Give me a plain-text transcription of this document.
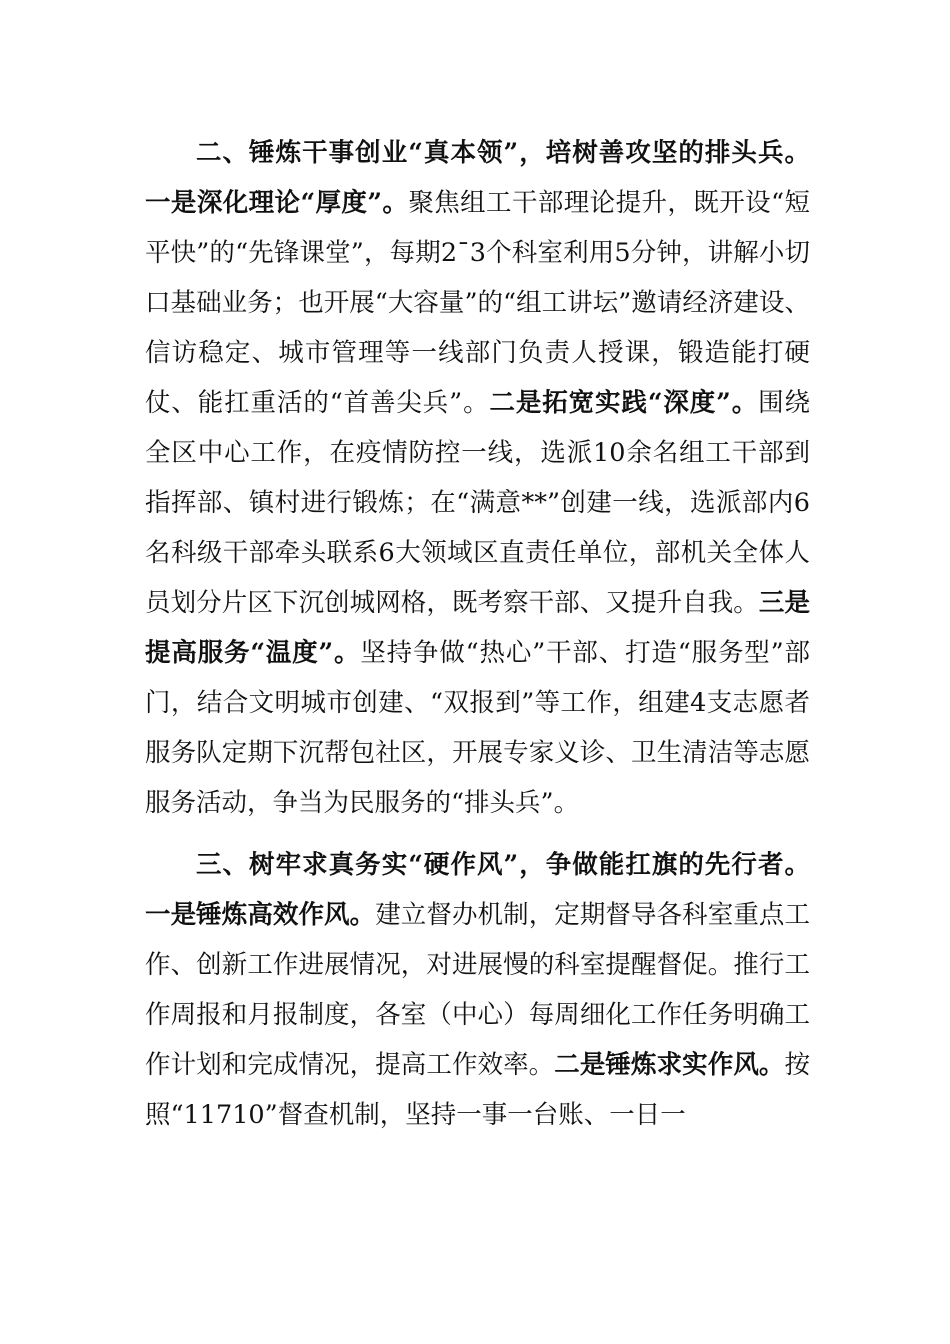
二、锤炼干事创业“真本领”，培树善攻坚的排头兵。一是深化理论“厚度”。聚焦组工干部理论提升，既开设“短平快”的“先锋课堂”，每期2¯3个科室利用5分钟，讲解小切口基础业务；也开展“大容量”的“组工讲坛”邀请经济建设、信访稳定、城市管理等一线部门负责人授课，锻造能打硬仗、能扛重活的“首善尖兵”。二是拓宽实践“深度”。围绕全区中心工作，在疫情防控一线，选派10余名组工干部到指挥部、镇村进行锻炼；在“满意**”创建一线，选派部内6名科级干部牵头联系6大领域区直责任单位，部机关全体人员划分片区下沉创城网格，既考察干部、又提升自我。三是提高服务“温度”。坚持争做“热心”干部、打造“服务型”部门，结合文明城市创建、“双报到”等工作，组建4支志愿者服务队定期下沉帮包社区，开展专家义诊、卫生清洁等志愿服务活动，争当为民服务的“排头兵”。

三、树牢求真务实“硬作风”，争做能扛旗的先行者。一是锤炼高效作风。建立督办机制，定期督导各科室重点工作、创新工作进展情况，对进展慢的科室提醒督促。推行工作周报和月报制度，各室（中心）每周细化工作任务明确工作计划和完成情况，提高工作效率。二是锤炼求实作风。按照“11710”督查机制，坚持一事一台账、一日一
